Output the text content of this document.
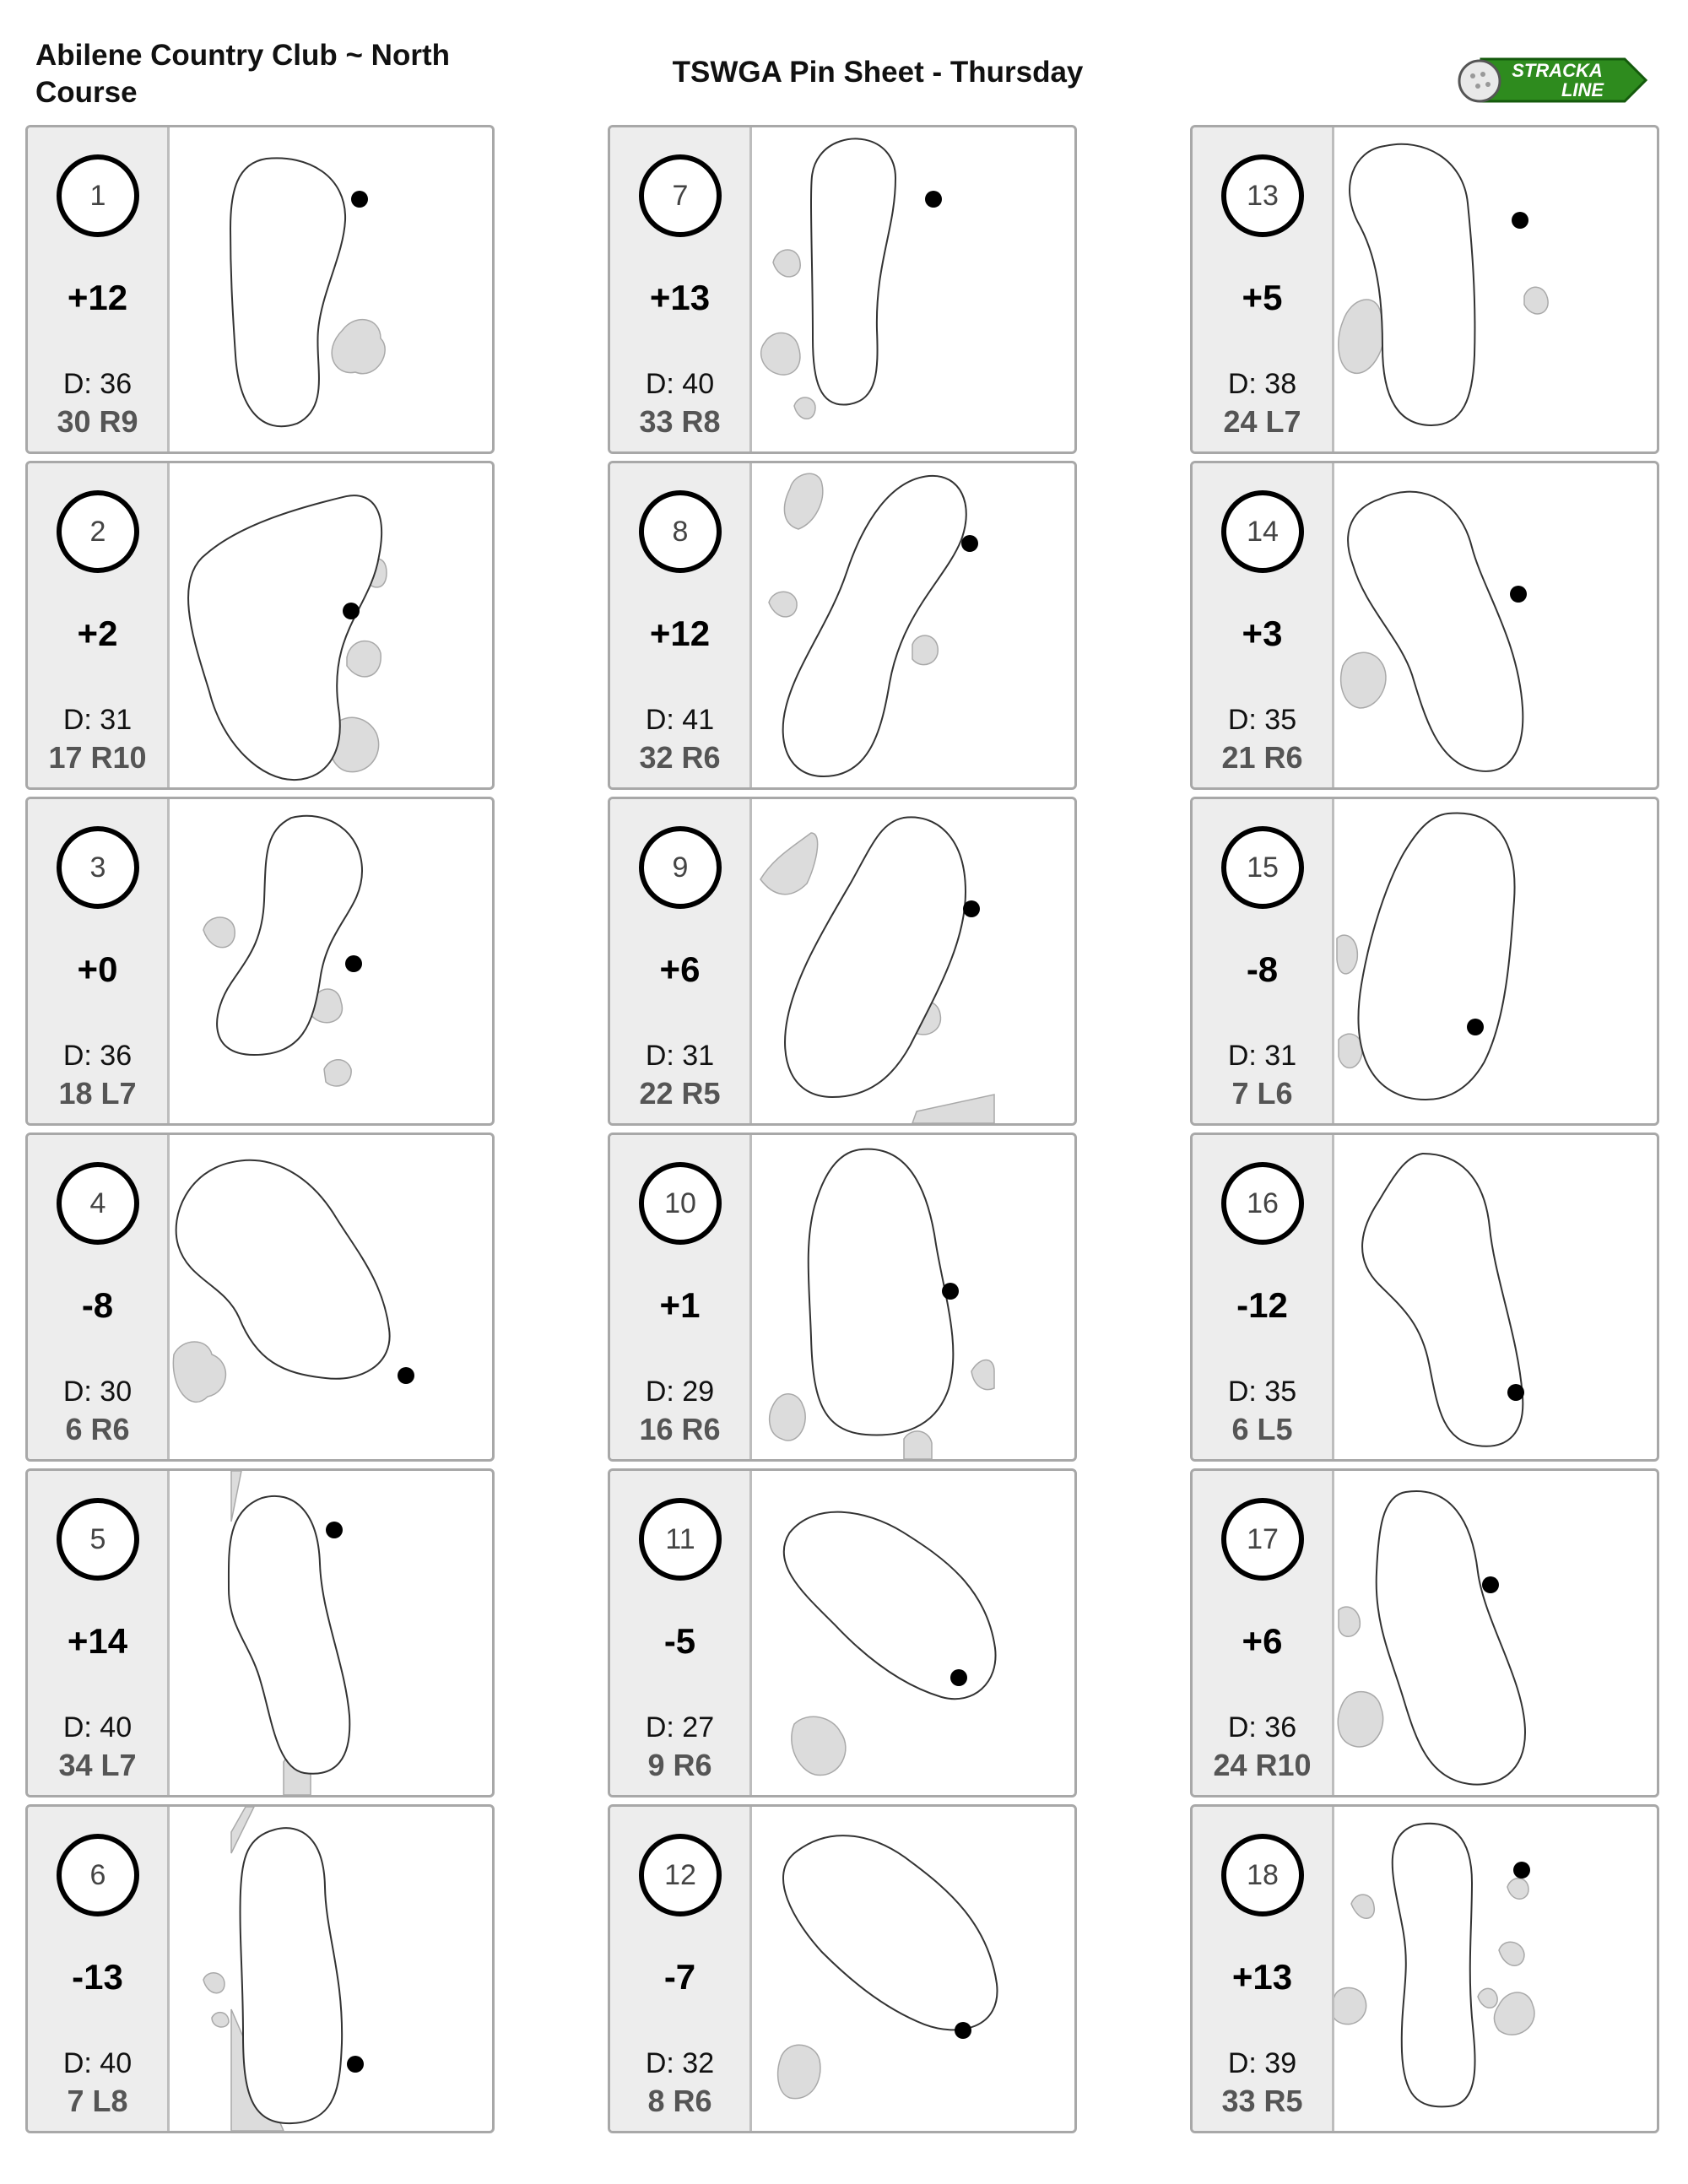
Abilene Country Club ~ North Course
TSWGA Pin Sheet - Thursday	STRACKA
LINE
1
+12
D: 36
30 R9
2
+2
D: 31
17 R10
3
+0
D: 36
18 L7
4
-8
D: 30
6 R6
5
+14
D: 40
34 L7
6
-13
D: 40
7 L8
7
+13
D: 40
33 R8
8
+12
D: 41
32 R6
9
+6
D: 31
22 R5
10
+1
D: 29
16 R6
11
-5
D: 27
9 R6
12
-7
D: 32
8 R6
13
+5
D: 38
24 L7
14
+3
D: 35
21 R6
15
-8
D: 31
7 L6
16
-12
D: 35
6 L5
17
+6
D: 36
24 R10
18
+13
D: 39
33 R5
